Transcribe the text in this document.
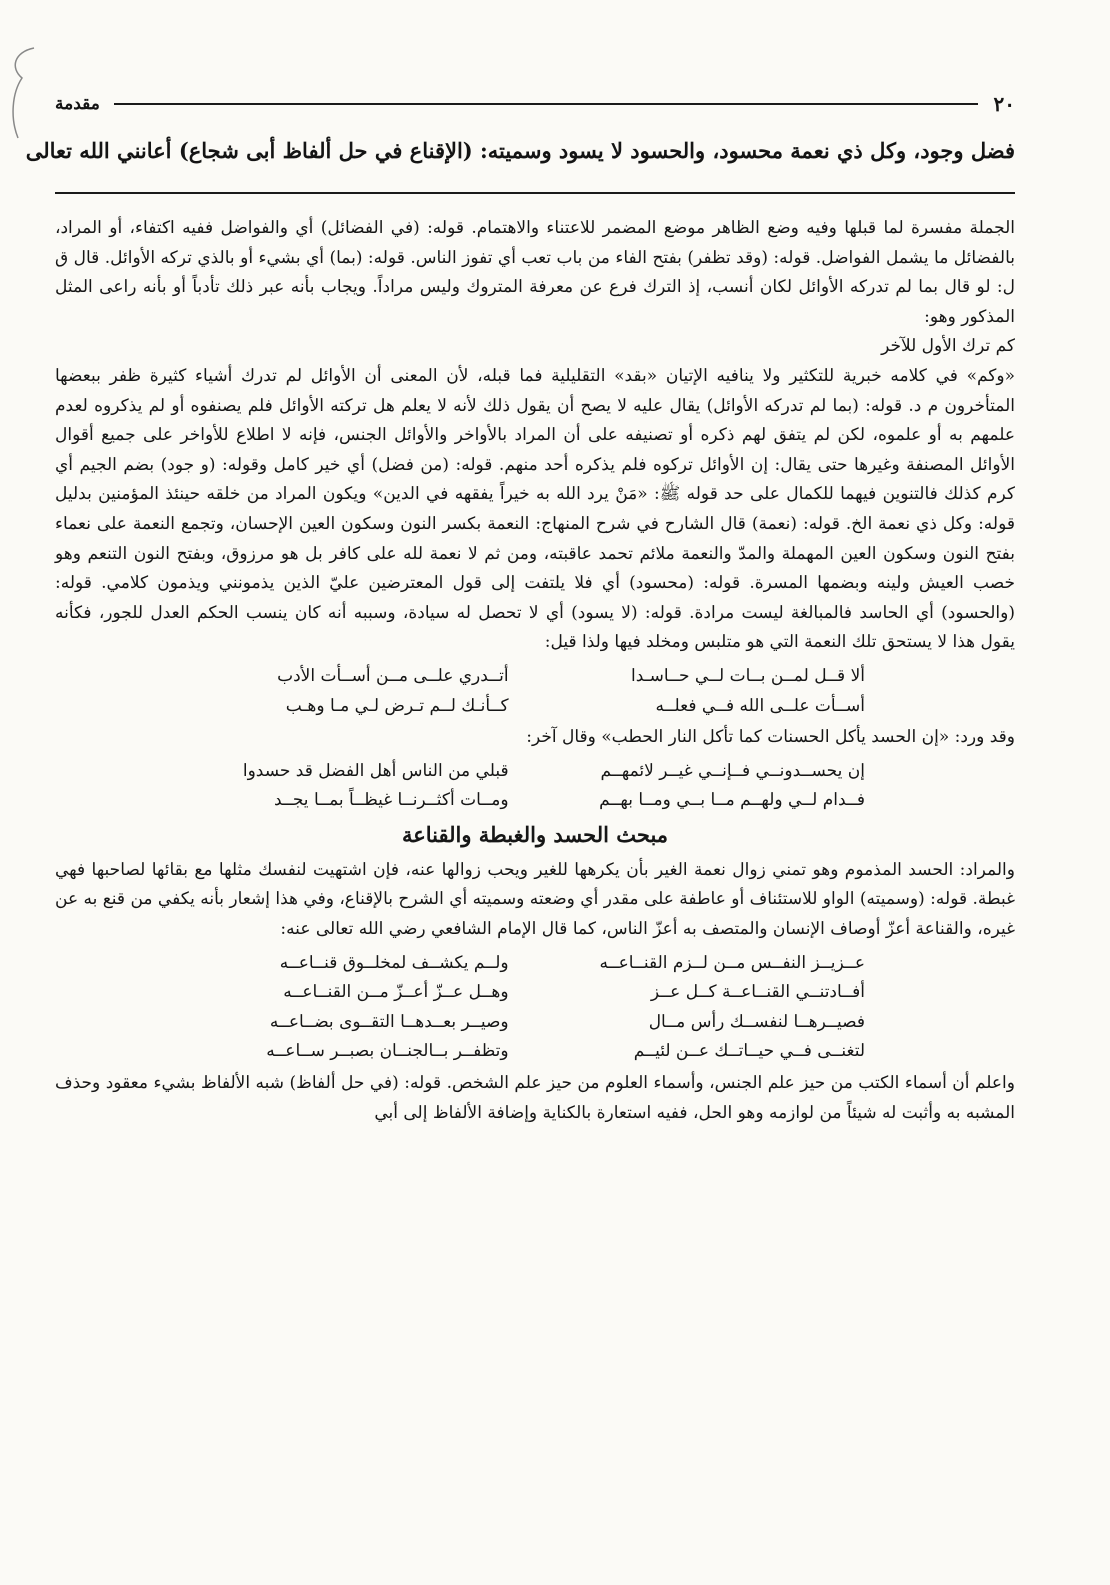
٢٠
مقدمة
فضل وجود، وكل ذي نعمة محسود، والحسود لا يسود وسميته: (الإقناع في حل ألفاظ أبى شجاع) أعانني الله تعالى

الجملة مفسرة لما قبلها وفيه وضع الظاهر موضع المضمر للاعتناء والاهتمام. قوله: (في الفضائل) أي والفواضل ففيه اكتفاء، أو المراد، بالفضائل ما يشمل الفواضل. قوله: (وقد تظفر) بفتح الفاء من باب تعب أي تفوز الناس. قوله: (بما) أي بشيء أو بالذي تركه الأوائل. قال ق ل: لو قال بما لم تدركه الأوائل لكان أنسب، إذ الترك فرع عن معرفة المتروك وليس مراداً. ويجاب بأنه عبر ذلك تأدباً أو بأنه راعى المثل المذكور وهو:

كم ترك الأول للآخر

«وكم» في كلامه خبرية للتكثير ولا ينافيه الإتيان «بقد» التقليلية فما قبله، لأن المعنى أن الأوائل لم تدرك أشياء كثيرة ظفر ببعضها المتأخرون م د. قوله: (بما لم تدركه الأوائل) يقال عليه لا يصح أن يقول ذلك لأنه لا يعلم هل تركته الأوائل فلم يصنفوه أو لم يذكروه لعدم علمهم به أو علموه، لكن لم يتفق لهم ذكره أو تصنيفه على أن المراد بالأواخر والأوائل الجنس، فإنه لا اطلاع للأواخر على جميع أقوال الأوائل المصنفة وغيرها حتى يقال: إن الأوائل تركوه فلم يذكره أحد منهم. قوله: (من فضل) أي خير كامل وقوله: (و جود) بضم الجيم أي كرم كذلك فالتنوين فيهما للكمال على حد قوله ﷺ: «مَنْ يرد الله به خيراً يفقهه في الدين» ويكون المراد من خلقه حينئذ المؤمنين بدليل قوله: وكل ذي نعمة الخ. قوله: (نعمة) قال الشارح في شرح المنهاج: النعمة بكسر النون وسكون العين الإحسان، وتجمع النعمة على نعماء بفتح النون وسكون العين المهملة والمدّ والنعمة ملائم تحمد عاقبته، ومن ثم لا نعمة لله على كافر بل هو مرزوق، وبفتح النون التنعم وهو خصب العيش ولينه وبضمها المسرة. قوله: (محسود) أي فلا يلتفت إلى قول المعترضين عليّ الذين يذمونني ويذمون كلامي. قوله: (والحسود) أي الحاسد فالمبالغة ليست مرادة. قوله: (لا يسود) أي لا تحصل له سيادة، وسببه أنه كان ينسب الحكم العدل للجور، فكأنه يقول هذا لا يستحق تلك النعمة التي هو متلبس ومخلد فيها ولذا قيل:

ألا قــل لمــن بــات لــي حــاسـدا
أتــدري علــى مــن أســأت الأدب
أســأت علــى الله فــي فعلــه
كــأنـك لــم تـرض لـي مـا وهـب

وقد ورد: «إن الحسد يأكل الحسنات كما تأكل النار الحطب» وقال آخر:

إن يحســدونــي فــإنــي غيــر لائمهــم
قبلي من الناس أهل الفضل قد حسدوا
فــدام لــي ولهــم مــا بــي ومــا بهــم
ومــات أكثــرنــا غيظــاً بمــا يجــد
مبحث الحسد والغبطة والقناعة

والمراد: الحسد المذموم وهو تمني زوال نعمة الغير بأن يكرهها للغير ويحب زوالها عنه، فإن اشتهيت لنفسك مثلها مع بقائها لصاحبها فهي غبطة. قوله: (وسميته) الواو للاستئناف أو عاطفة على مقدر أي وضعته وسميته أي الشرح بالإقناع، وفي هذا إشعار بأنه يكفي من قنع به عن غيره، والقناعة أعزّ أوصاف الإنسان والمتصف به أعزّ الناس، كما قال الإمام الشافعي رضي الله تعالى عنه:

عــزيــز النفــس مــن لــزم القنــاعــه
ولــم يكشــف لمخلــوق قنــاعــه
أفــادتنــي القنــاعــة كــل عــز
وهــل عــزّ أعــزّ مــن القنــاعــه
فصيــرهــا لنفســك رأس مــال
وصيــر بعــدهــا التقــوى بضــاعــه
لتغنــى فــي حيــاتــك عــن لئيــم
وتظفــر بــالجنــان بصبــر ســاعــه

واعلم أن أسماء الكتب من حيز علم الجنس، وأسماء العلوم من حيز علم الشخص. قوله: (في حل ألفاظ) شبه الألفاظ بشيء معقود وحذف المشبه به وأثبت له شيئاً من لوازمه وهو الحل، ففيه استعارة بالكناية وإضافة الألفاظ إلى أبي
